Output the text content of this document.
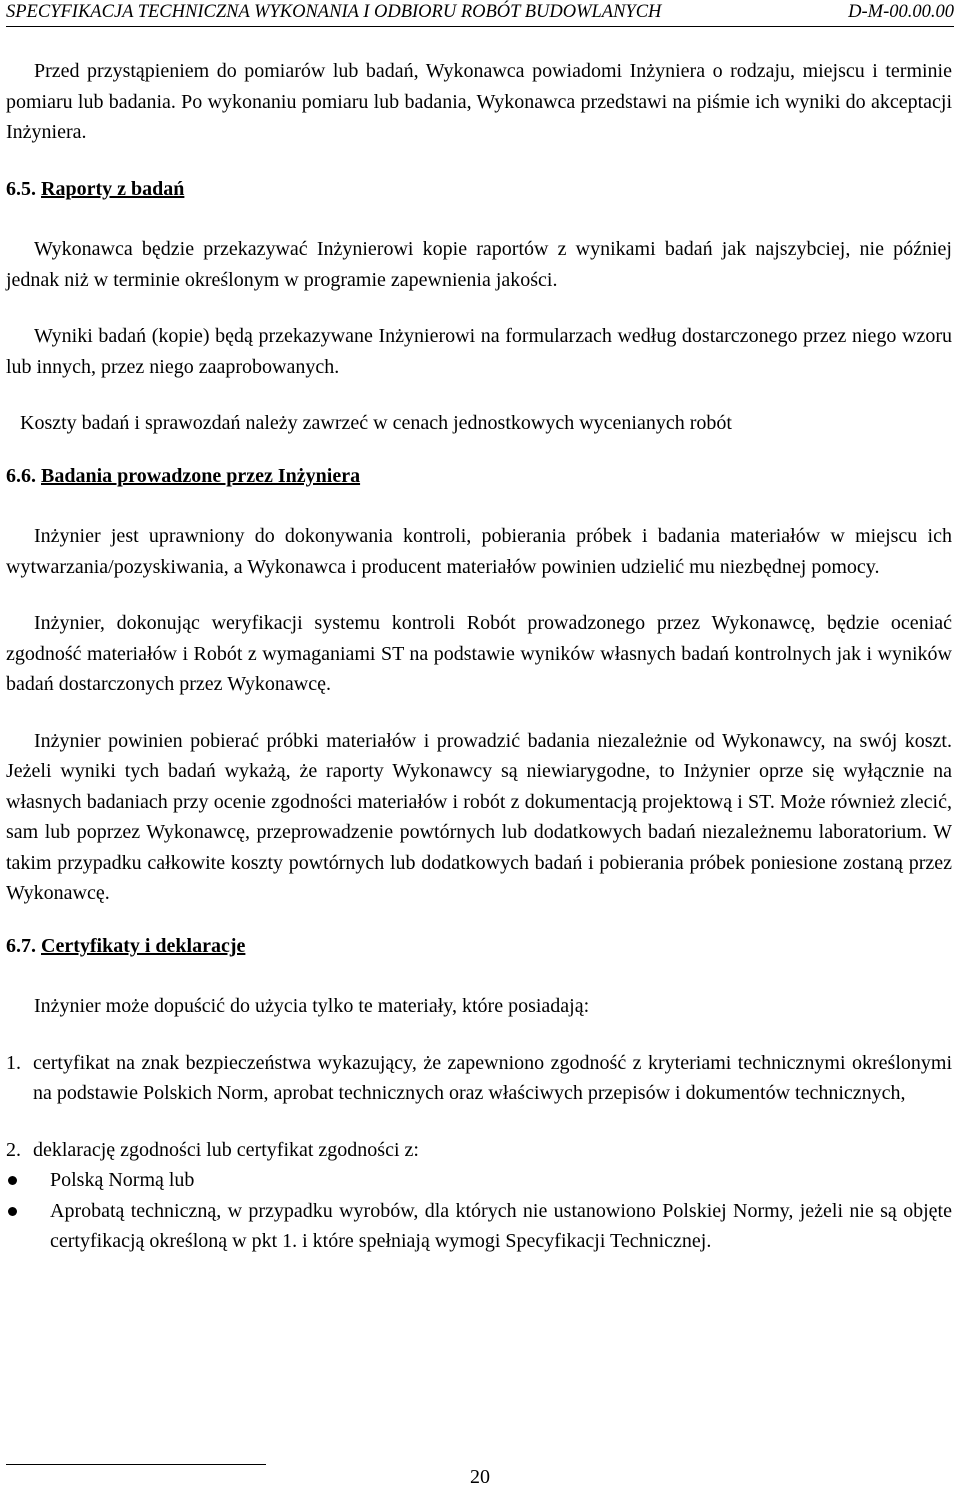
SPECYFIKACJA TECHNICZNA WYKONANIA I ODBIORU ROBÓT BUDOWLANYCH	D-M-00.00.00

Przed przystąpieniem do pomiarów lub badań, Wykonawca powiadomi Inżyniera o rodzaju, miejscu i terminie pomiaru lub badania. Po wykonaniu pomiaru lub badania, Wykonawca przedstawi na piśmie ich wyniki do akceptacji Inżyniera.

6.5. Raporty z badań

Wykonawca będzie przekazywać Inżynierowi kopie raportów z wynikami badań jak najszybciej, nie później jednak niż w terminie określonym w programie zapewnienia jakości.

Wyniki badań (kopie) będą przekazywane Inżynierowi na formularzach według dostarczonego przez niego wzoru lub innych, przez niego zaaprobowanych.

Koszty badań i sprawozdań należy zawrzeć w cenach jednostkowych wycenianych robót

6.6. Badania prowadzone przez Inżyniera

Inżynier jest uprawniony do dokonywania kontroli, pobierania próbek i badania materiałów w miejscu ich wytwarzania/pozyskiwania, a Wykonawca i producent materiałów powinien udzielić mu niezbędnej pomocy.

Inżynier, dokonując weryfikacji systemu kontroli Robót prowadzonego przez Wykonawcę, będzie oceniać zgodność materiałów i Robót z wymaganiami ST na podstawie wyników własnych badań kontrolnych jak i wyników badań dostarczonych przez Wykonawcę.

Inżynier powinien pobierać próbki materiałów i prowadzić badania niezależnie od Wykonawcy, na swój koszt. Jeżeli wyniki tych badań wykażą, że raporty Wykonawcy są niewiarygodne, to Inżynier oprze się wyłącznie na własnych badaniach przy ocenie zgodności materiałów i robót z dokumentacją projektową i ST. Może również zlecić, sam lub poprzez Wykonawcę, przeprowadzenie powtórnych lub dodatkowych badań niezależnemu laboratorium. W takim przypadku całkowite koszty powtórnych lub dodatkowych badań i pobierania próbek poniesione zostaną przez Wykonawcę.

6.7. Certyfikaty i deklaracje

Inżynier może dopuścić do użycia tylko te materiały, które posiadają:

1. certyfikat na znak bezpieczeństwa wykazujący, że zapewniono zgodność z kryteriami technicznymi określonymi na podstawie Polskich Norm, aprobat technicznych oraz właściwych przepisów i dokumentów technicznych,
2. deklarację zgodności lub certyfikat zgodności z:
Polską Normą lub
Aprobatą techniczną, w przypadku wyrobów, dla których nie ustanowiono Polskiej Normy, jeżeli nie są objęte certyfikacją określoną w pkt 1. i które spełniają wymogi Specyfikacji Technicznej.
20
